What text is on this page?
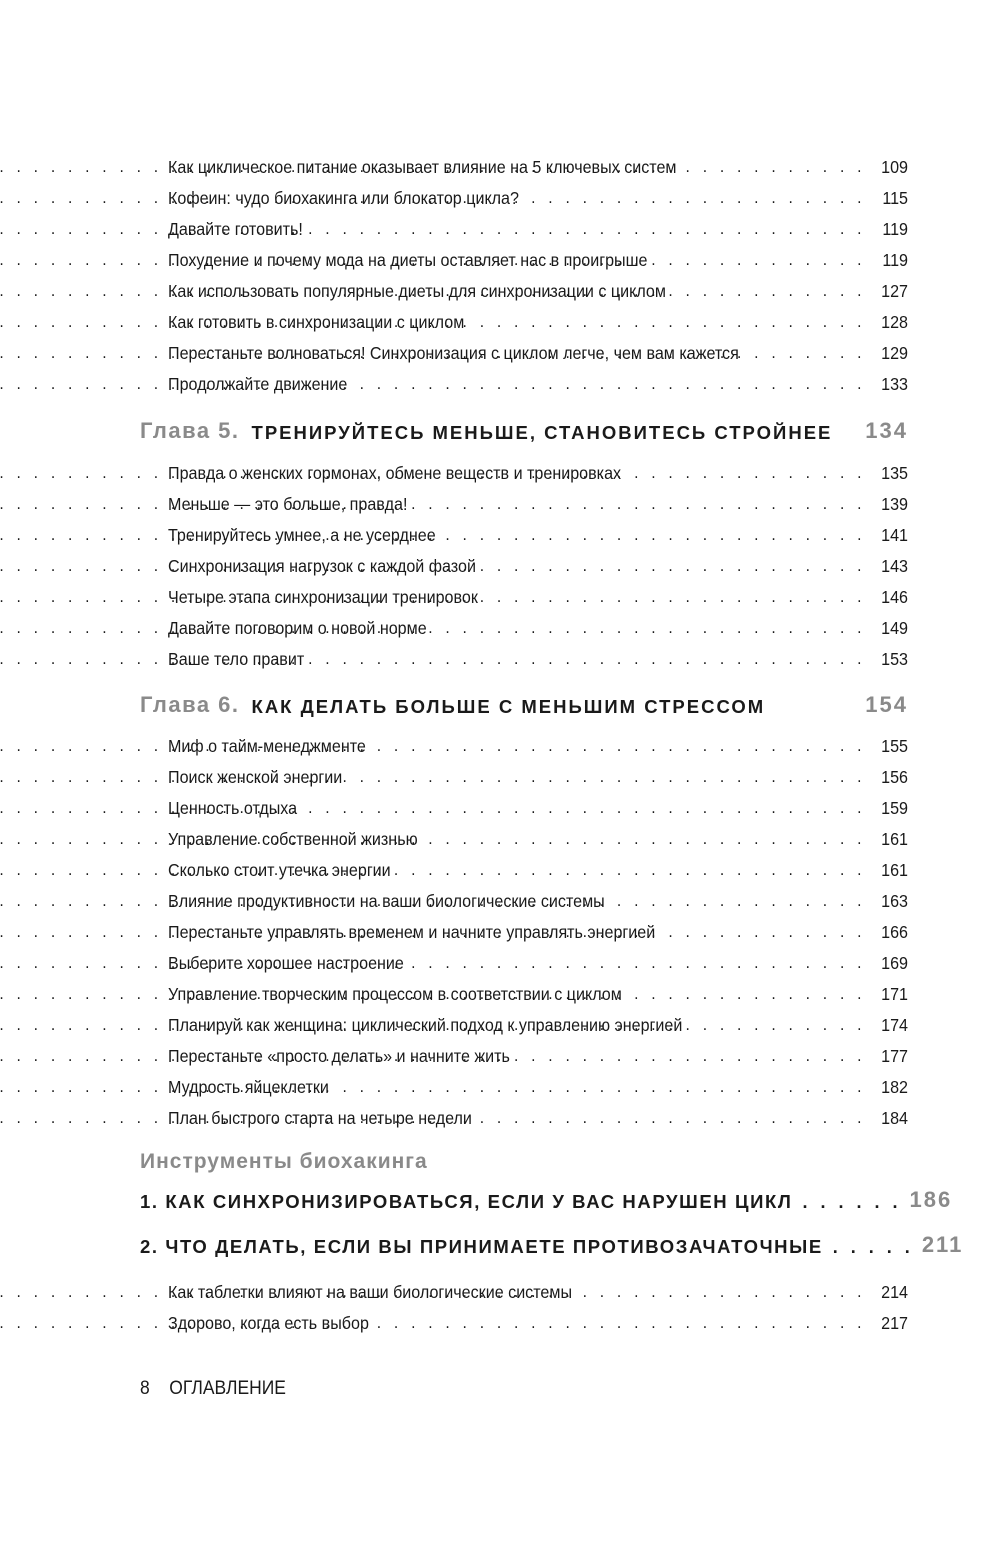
Как циклическое питание оказывает влияние на 5 ключевых систем . . .	109
Кофеин: чудо биохакинга или блокатор цикла? . . .	115
Давайте готовить! . . .	119
Похудение и почему мода на диеты оставляет нас в проигрыше . . .	119
Как использовать популярные диеты для синхронизации с циклом . . .	127
Как готовить в синхронизации с циклом . . .	128
Перестаньте волноваться! Синхронизация с циклом легче, чем вам кажется . . .	129
Продолжайте движение . . .	133
Глава 5. ТРЕНИРУЙТЕСЬ МЕНЬШЕ, СТАНОВИТЕСЬ СТРОЙНЕЕ	134
Правда о женских гормонах, обмене веществ и тренировках . . .	135
Меньше — это больше, правда! . . .	139
Тренируйтесь умнее, а не усерднее . . .	141
Синхронизация нагрузок с каждой фазой . . .	143
Четыре этапа синхронизации тренировок . . .	146
Давайте поговорим о новой норме . . .	149
Ваше тело правит . . .	153
Глава 6. КАК ДЕЛАТЬ БОЛЬШЕ С МЕНЬШИМ СТРЕССОМ	154
Миф о тайм-менеджменте . . .	155
Поиск женской энергии . . .	156
Ценность отдыха . . .	159
Управление собственной жизнью . . .	161
Сколько стоит утечка энергии . . .	161
Влияние продуктивности на ваши биологические системы . . .	163
Перестаньте управлять временем и начните управлять энергией . . .	166
Выберите хорошее настроение . . .	169
Управление творческим процессом в соответствии с циклом . . .	171
Планируй как женщина: циклический подход к управлению энергией . . .	174
Перестаньте «просто делать» и начните жить . . .	177
Мудрость яйцеклетки . . .	182
План быстрого старта на четыре недели . . .	184
Инструменты биохакинга
1. КАК СИНХРОНИЗИРОВАТЬСЯ, ЕСЛИ У ВАС НАРУШЕН ЦИКЛ . . . . . . 186
2. ЧТО ДЕЛАТЬ, ЕСЛИ ВЫ ПРИНИМАЕТЕ ПРОТИВОЗАЧАТОЧНЫЕ . . . . . 211
Как таблетки влияют на ваши биологические системы . . .	214
Здорово, когда есть выбор . . .	217
8 ОГЛАВЛЕНИЕ
